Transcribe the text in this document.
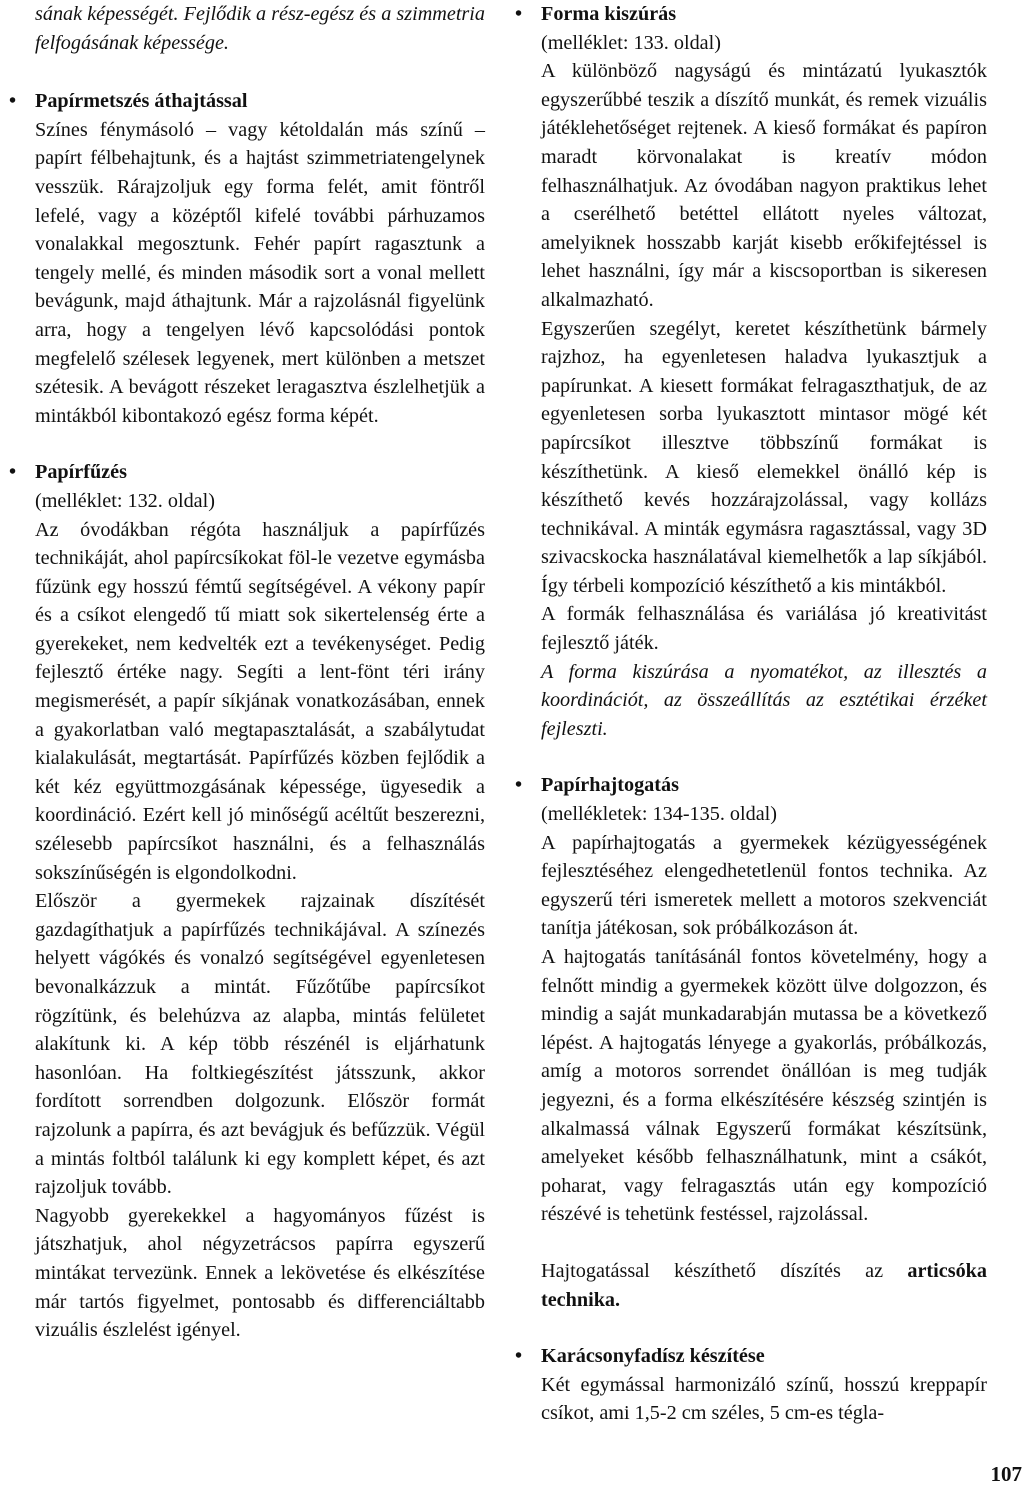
sának képességét. Fejlődik a rész-egész és a szimmetria felfogásának képessége.

• Papírmetszés áthajtással

Színes fénymásoló – vagy kétoldalán más színű – papírt félbehajtunk, és a hajtást szimmetriatengelynek vesszük. Rárajzoljuk egy forma felét, amit föntről lefelé, vagy a középtől kifelé további párhuzamos vonalakkal megosztunk. Fehér papírt ragasztunk a tengely mellé, és minden második sort a vonal mellett bevágunk, majd áthajtunk. Már a rajzolásnál figyelünk arra, hogy a tengelyen lévő kapcsolódási pontok megfelelő szélesek legyenek, mert különben a metszet szétesik. A bevágott részeket leragasztva észlelhetjük a mintákból kibontakozó egész forma képét.

• Papírfűzés
(melléklet: 132. oldal)

Az óvodákban régóta használjuk a papírfűzés technikáját, ahol papírcsíkokat föl-le vezetve egymásba fűzünk egy hosszú fémtű segítségével. A vékony papír és a csíkot elengedő tű miatt sok sikertelenség érte a gyerekeket, nem kedvelték ezt a tevékenységet. Pedig fejlesztő értéke nagy. Segíti a lent-fönt téri irány megismerését, a papír síkjának vonatkozásában, ennek a gyakorlatban való megtapasztalását, a szabálytudat kialakulását, megtartását. Papírfűzés közben fejlődik a két kéz együttmozgásának képessége, ügyesedik a koordináció. Ezért kell jó minőségű acéltűt beszerezni, szélesebb papírcsíkot használni, és a felhasználás sokszínűségén is elgondolkodni.

Először a gyermekek rajzainak díszítését gazdagíthatjuk a papírfűzés technikájával. A színezés helyett vágókés és vonalzó segítségével egyenletesen bevonalkázzuk a mintát. Fűzőtűbe papírcsíkot rögzítünk, és belehúzva az alapba, mintás felületet alakítunk ki. A kép több részénél is eljárhatunk hasonlóan. Ha foltkiegészítést játsszunk, akkor fordított sorrendben dolgozunk. Először formát rajzolunk a papírra, és azt bevágjuk és befűzzük. Végül a mintás foltból találunk ki egy komplett képet, és azt rajzoljuk tovább.

Nagyobb gyerekekkel a hagyományos fűzést is játszhatjuk, ahol négyzetrácsos papírra egyszerű mintákat tervezünk. Ennek a lekövetése és elkészítése már tartós figyelmet, pontosabb és differenciáltabb vizuális észlelést igényel.

• Forma kiszúrás
(melléklet: 133. oldal)

A különböző nagyságú és mintázatú lyukasztók egyszerűbbé teszik a díszítő munkát, és remek vizuális játéklehetőséget rejtenek. A kieső formákat és papíron maradt körvonalakat is kreatív módon felhasználhatjuk. Az óvodában nagyon praktikus lehet a cserélhető betéttel ellátott nyeles változat, amelyiknek hosszabb karját kisebb erőkifejtéssel is lehet használni, így már a kiscsoportban is sikeresen alkalmazható.

Egyszerűen szegélyt, keretet készíthetünk bármely rajzhoz, ha egyenletesen haladva lyukasztjuk a papírunkat. A kiesett formákat felragaszthatjuk, de az egyenletesen sorba lyukasztott mintasor mögé két papírcsíkot illesztve többszínű formákat is készíthetünk. A kieső elemekkel önálló kép is készíthető kevés hozzárajzolással, vagy kollázs technikával. A minták egymásra ragasztással, vagy 3D szivacskocka használatával kiemelhetők a lap síkjából. Így térbeli kompozíció készíthető a kis mintákból.

A formák felhasználása és variálása jó kreativitást fejlesztő játék.

A forma kiszúrása a nyomatékot, az illesztés a koordinációt, az összeállítás az esztétikai érzéket fejleszti.

• Papírhajtogatás
(mellékletek: 134-135. oldal)

A papírhajtogatás a gyermekek kézügyességének fejlesztéséhez elengedhetetlenül fontos technika. Az egyszerű téri ismeretek mellett a motoros szekvenciát tanítja játékosan, sok próbálkozáson át.

A hajtogatás tanításánál fontos követelmény, hogy a felnőtt mindig a gyermekek között ülve dolgozzon, és mindig a saját munkadarabján mutassa be a következő lépést. A hajtogatás lényege a gyakorlás, próbálkozás, amíg a motoros sorrendet önállóan is meg tudják jegyezni, és a forma elkészítésére készség szintjén is alkalmassá válnak Egyszerű formákat készítsünk, amelyeket később felhasználhatunk, mint a csákót, poharat, vagy felragasztás után egy kompozíció részévé is tehetünk festéssel, rajzolással.

Hajtogatással készíthető díszítés az articsóka technika.

• Karácsonyfadísz készítése

Két egymással harmonizáló színű, hosszú kreppapír csíkot, ami 1,5-2 cm széles, 5 cm-es tégla-

107
